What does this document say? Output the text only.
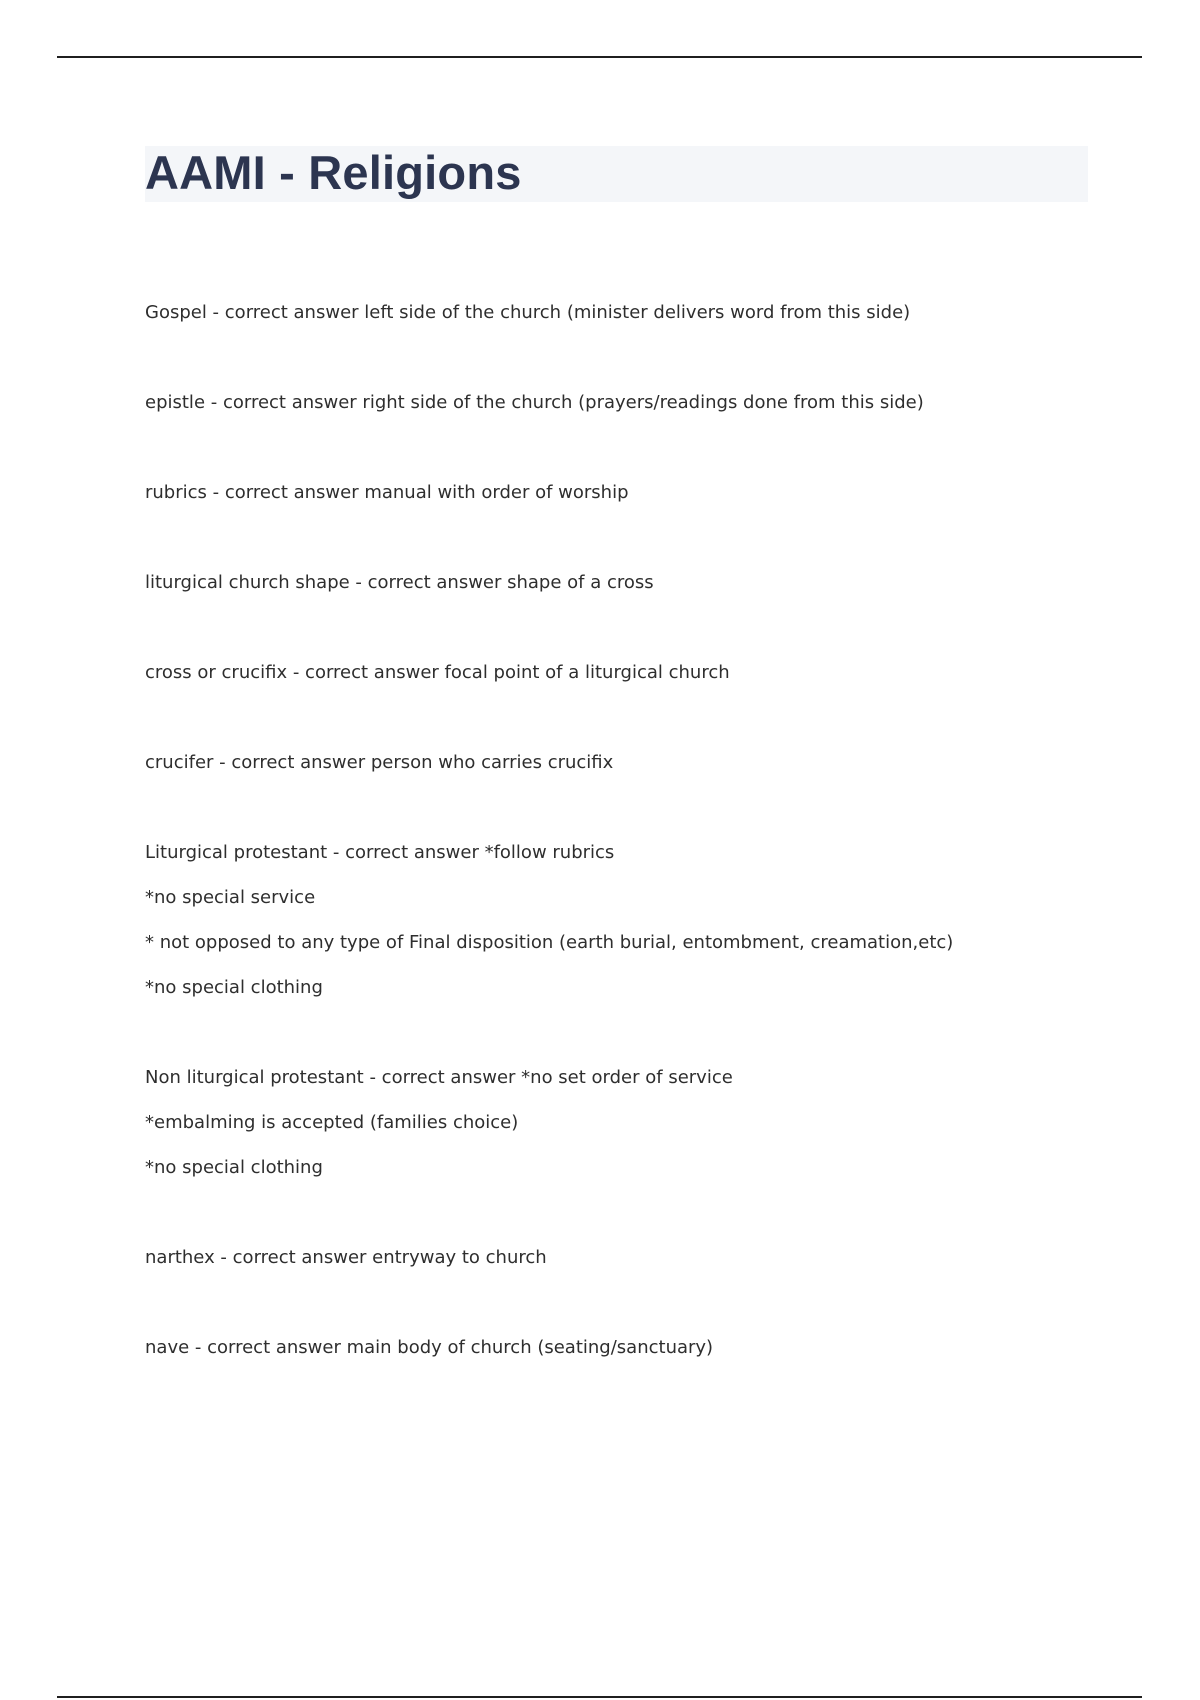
AAMI - Religions
Gospel - correct answer left side of the church (minister delivers word from this side)
epistle - correct answer right side of the church (prayers/readings done from this side)
rubrics - correct answer manual with order of worship
liturgical church shape - correct answer shape of a cross
cross or crucifix - correct answer focal point of a liturgical church
crucifer - correct answer person who carries crucifix
Liturgical protestant - correct answer *follow rubrics
*no special service
* not opposed to any type of Final disposition (earth burial, entombment, creamation,etc)
*no special clothing
Non liturgical protestant - correct answer *no set order of service
*embalming is accepted (families choice)
*no special clothing
narthex - correct answer entryway to church
nave - correct answer main body of church (seating/sanctuary)
